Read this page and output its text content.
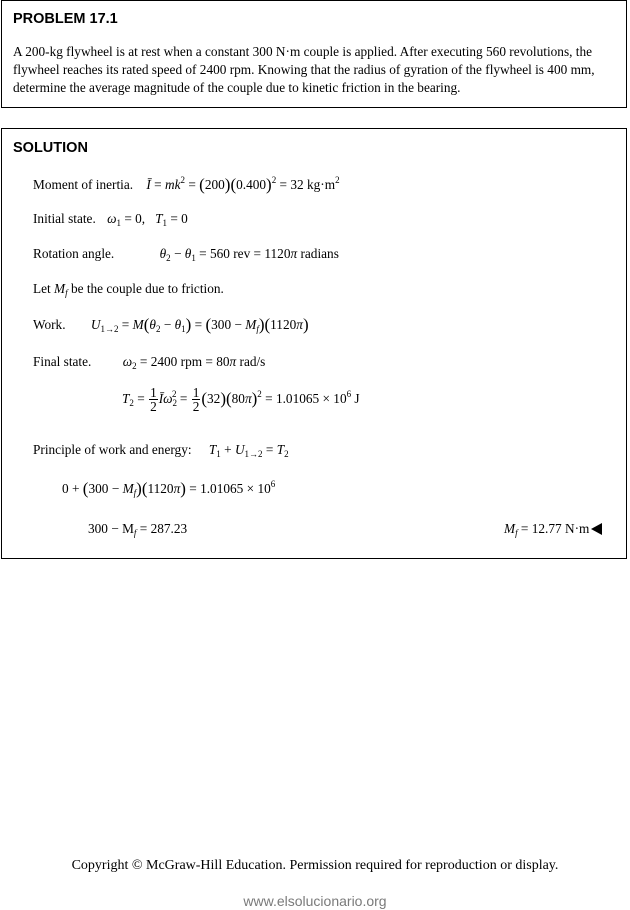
PROBLEM 17.1
A 200-kg flywheel is at rest when a constant 300 N·m couple is applied. After executing 560 revolutions, the flywheel reaches its rated speed of 2400 rpm. Knowing that the radius of gyration of the flywheel is 400 mm, determine the average magnitude of the couple due to kinetic friction in the bearing.
SOLUTION
Moment of inertia. Ī = $mk^2 = (200)(0.400)^2 = 32$ $kg\cdot m^2$
Initial state. $\omega_1 = 0$,   $T_1 = 0$
Rotation angle.	$\theta_2 - \theta_1 = 560$ rev = 1120π radians
Let $M_f$ be the couple due to friction.
Work. $U_{1\to 2} = M(\theta_2 - \theta_1) = (300 - M_f)(1120\pi)$
Final state. $\omega_2 = 2400$ rpm = 80π rad/s
$T_2 = \frac{1}{2}$ $Ī\omega_2^2 = \frac{1}{2} (32)(80\pi)^2 = 1.01065 \times 10^6$ J
Principle of work and energy: $T_1 + U_{1\to 2} = T_2$
$0 + (300 - M_f)(1120\pi) = 1.01065 \times 10^6$
$300 - M_f = 287.23$	$M_f = 12.77$ N·m
Copyright © McGraw-Hill Education. Permission required for reproduction or display.
www.elsolucionario.org
